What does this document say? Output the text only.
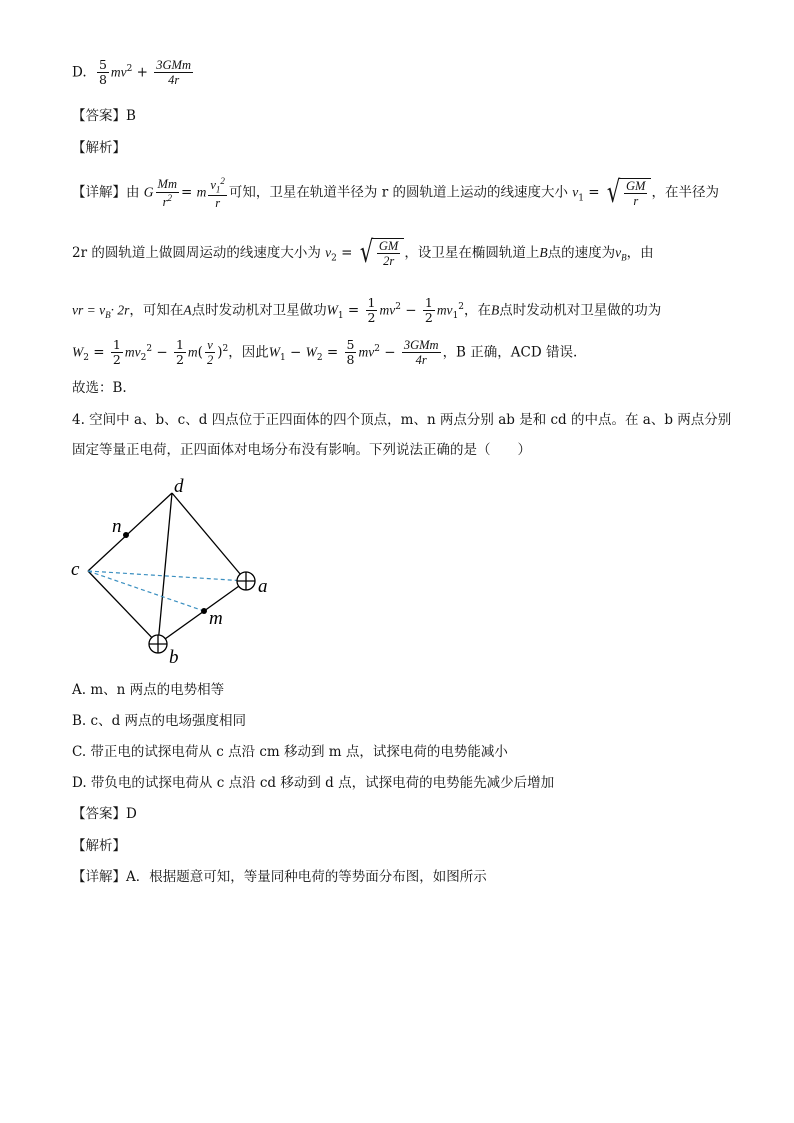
D. $\frac{5}{8} mv^2 + \frac{\text{3GMm}}{4r}$
【答案】B
【解析】
【详解】由 G $\frac{Mm}{r^2} = m \frac{v_1^2}{r}$ 可知，卫星在轨道半径为 r 的圆轨道上运动的线速度大小 $v_1$ = √ $\frac{GM}{r}$ ，在半径为
2r 的圆轨道上做圆周运动的线速度大小为 $v_2$ = √ $\frac{GM}{2r}$ ，设卫星在椭圆轨道上B点的速度为$v_B$，由
vr = $v_B\cdot 2r$，可知在A点时发动机对卫星做功$W_1 = \frac{1}{2} mv^2 - \frac{1}{2} mv_1^2$，在B点时发动机对卫星做的功为
$W_2 = \frac{1}{2} mv_2^2 - \frac{1}{2} m( \frac{v}{2} )^2$，因此$W_1 - W_2 = \frac{5}{8} mv^2 - \frac{\text{3GMm}}{4r}$ ，B 正确，ACD 错误.
故选：B.
4. 空间中 a、b、c、d 四点位于正四面体的四个顶点，m、n 两点分别 ab 是和 cd 的中点。在 a、b 两点分别
固定等量正电荷，正四面体对电场分布没有影响。下列说法正确的是（　　）
d
n
c
a
m
b
A. m、n 两点的电势相等
B. c、d 两点的电场强度相同
C. 带正电的试探电荷从 c 点沿 cm 移动到 m 点，试探电荷的电势能减小
D. 带负电的试探电荷从 c 点沿 cd 移动到 d 点，试探电荷的电势能先减少后增加
【答案】D
【解析】
【详解】A．根据题意可知，等量同种电荷的等势面分布图，如图所示
